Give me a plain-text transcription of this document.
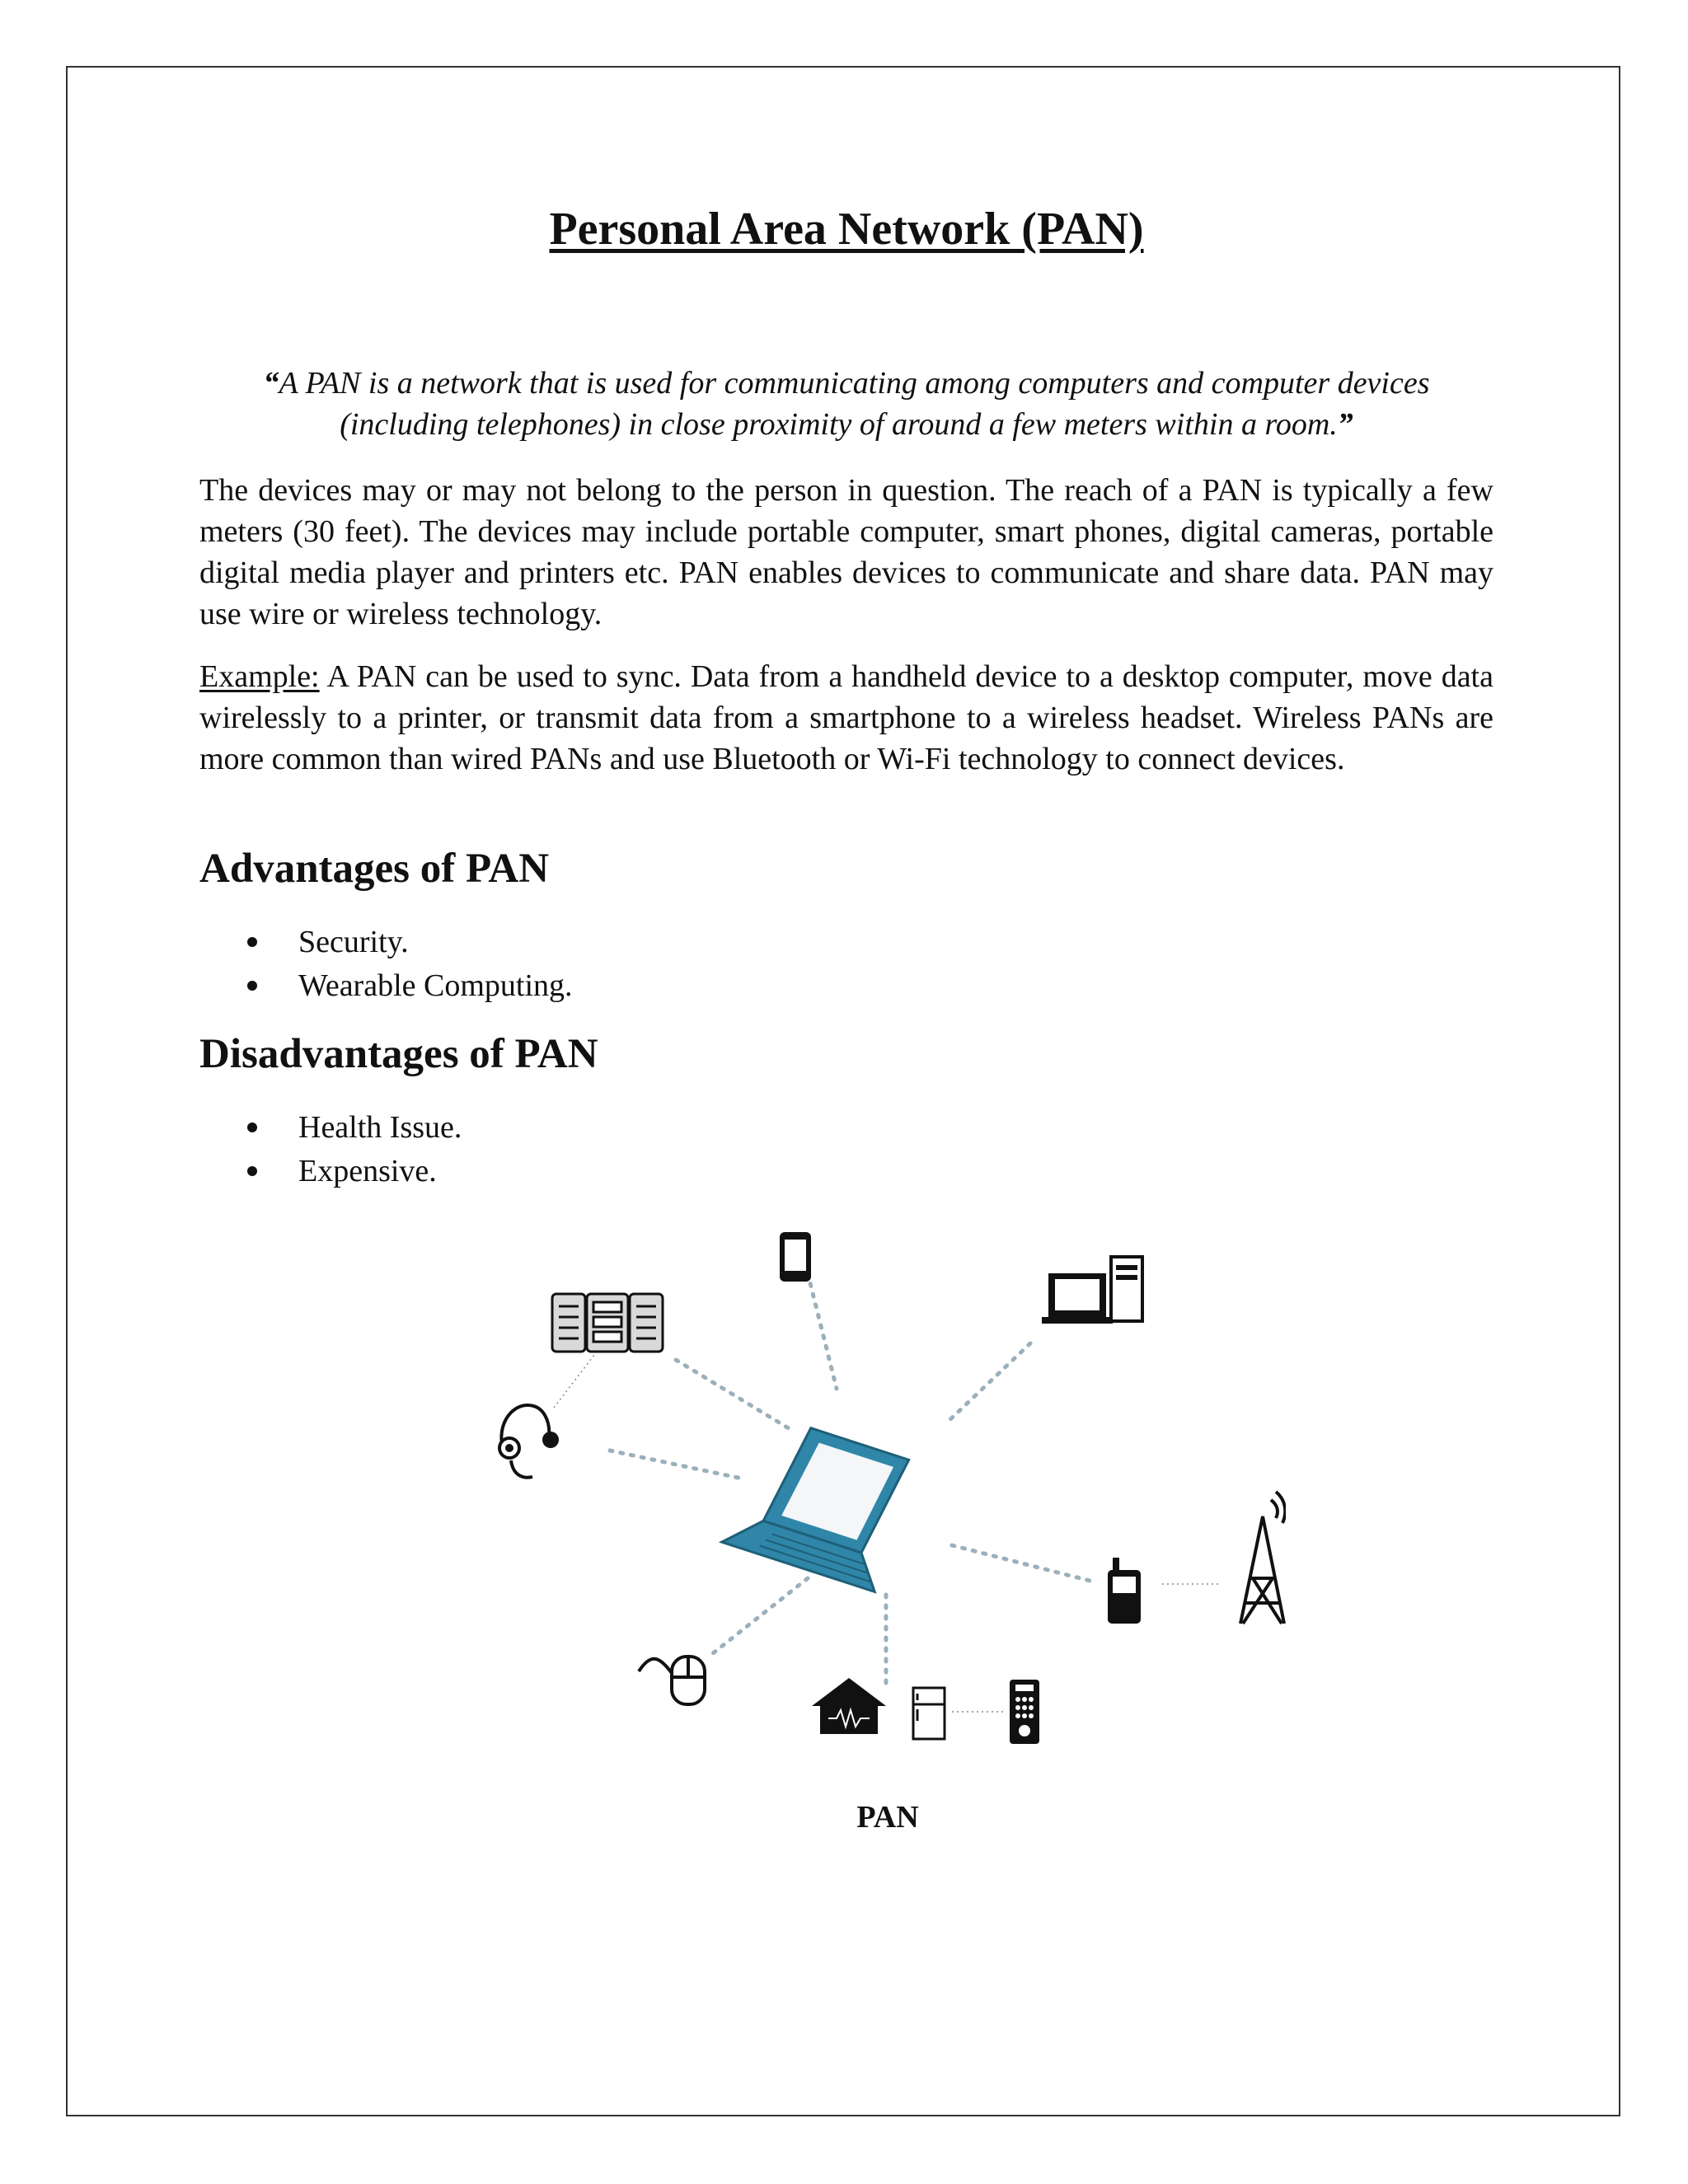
Personal Area Network (PAN)

“A PAN is a network that is used for communicating among computers and computer devices (including telephones) in close proximity of around a few meters within a room.”

The devices may or may not belong to the person in question. The reach of a PAN is typically a few meters (30 feet). The devices may include portable computer, smart phones, digital cameras, portable digital media player and printers etc. PAN enables devices to communicate and share data. PAN may use wire or wireless technology.

Example: A PAN can be used to sync. Data from a handheld device to a desktop computer, move data wirelessly to a printer, or transmit data from a smartphone to a wireless headset. Wireless PANs are more common than wired PANs and use Bluetooth or Wi-Fi technology to connect devices.

Advantages of PAN
Security.
Wearable Computing.
Disadvantages of PAN
Health Issue.
Expensive.
PAN
